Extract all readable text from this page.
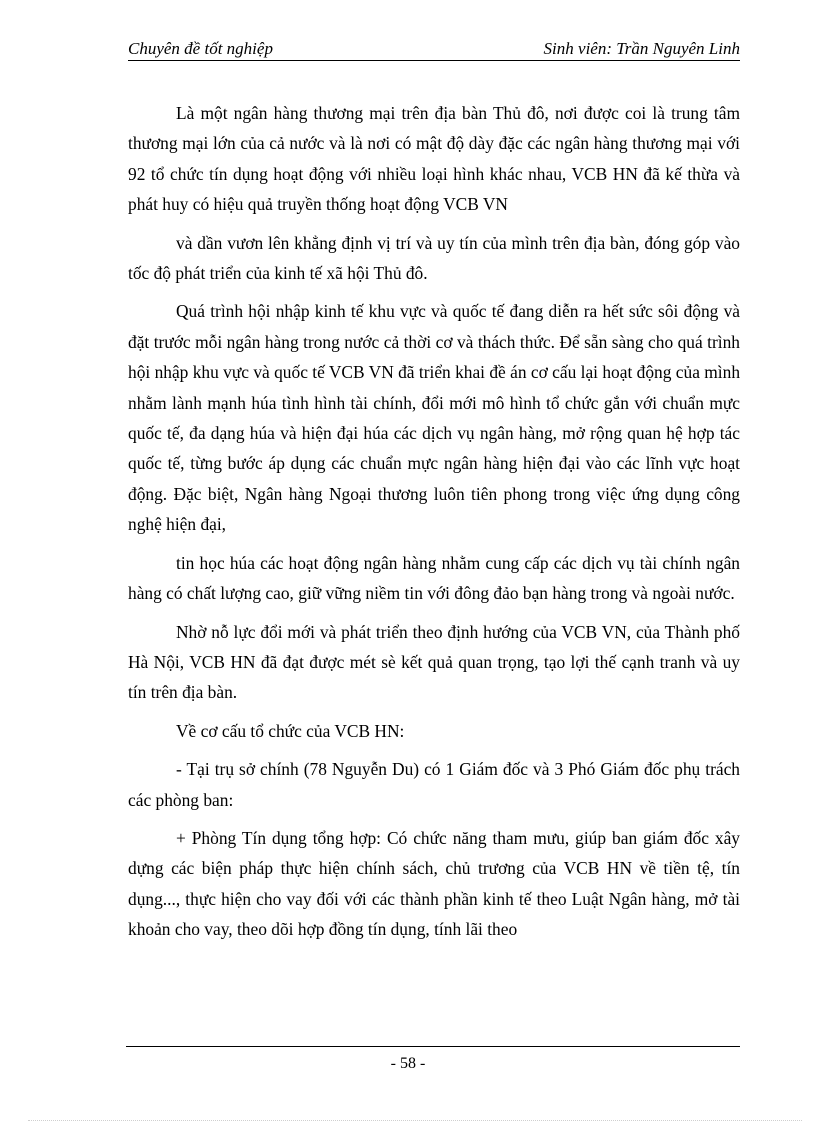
Chuyên đề tốt nghiệp	Sinh viên: Trần Nguyên Linh

Là một ngân hàng thương mại trên địa bàn Thủ đô, nơi được coi là trung tâm thương mại lớn của cả nước và là nơi có mật độ dày đặc các ngân hàng thương mại với 92 tổ chức tín dụng hoạt động với nhiều loại hình khác nhau, VCB HN đã kế thừa và phát huy có hiệu quả truyền thống hoạt động VCB VN

và dần vươn lên khẳng định vị trí và uy tín của mình trên địa bàn, đóng góp vào tốc độ phát triển của kinh tế xã hội Thủ đô.

Quá trình hội nhập kinh tế khu vực và quốc tế đang diễn ra hết sức sôi động và đặt trước mỗi ngân hàng trong nước cả thời cơ và thách thức. Để sẵn sàng cho quá trình hội nhập khu vực và quốc tế VCB VN đã triển khai đề án cơ cấu lại hoạt động của mình nhằm lành mạnh húa tình hình tài chính, đổi mới mô hình tổ chức gắn với chuẩn mực quốc tế, đa dạng húa và hiện đại húa các dịch vụ ngân hàng, mở rộng quan hệ hợp tác quốc tế, từng bước áp dụng các chuẩn mực ngân hàng hiện đại vào các lĩnh vực hoạt động. Đặc biệt, Ngân hàng Ngoại thương luôn tiên phong trong việc ứng dụng công nghệ hiện đại,

tin học húa các hoạt động ngân hàng nhằm cung cấp các dịch vụ tài chính ngân hàng có chất lượng cao, giữ vững niềm tin với đông đảo bạn hàng trong và ngoài nước.

Nhờ nỗ lực đổi mới và phát triển theo định hướng của VCB VN, của Thành phố Hà Nội, VCB HN đã đạt được mét sè kết quả quan trọng, tạo lợi thế cạnh tranh và uy tín trên địa bàn.

Về cơ cấu tổ chức của VCB HN:

- Tại trụ sở chính (78 Nguyễn Du) có 1 Giám đốc và 3 Phó Giám đốc phụ trách các phòng ban:

+ Phòng Tín dụng tổng hợp: Có chức năng tham mưu, giúp ban giám đốc xây dựng các biện pháp thực hiện chính sách, chủ trương của VCB HN về tiền tệ, tín dụng..., thực hiện cho vay đối với các thành phần kinh tế theo Luật Ngân hàng, mở tài khoản cho vay, theo dõi hợp đồng tín dụng, tính lãi theo

- 58 -
